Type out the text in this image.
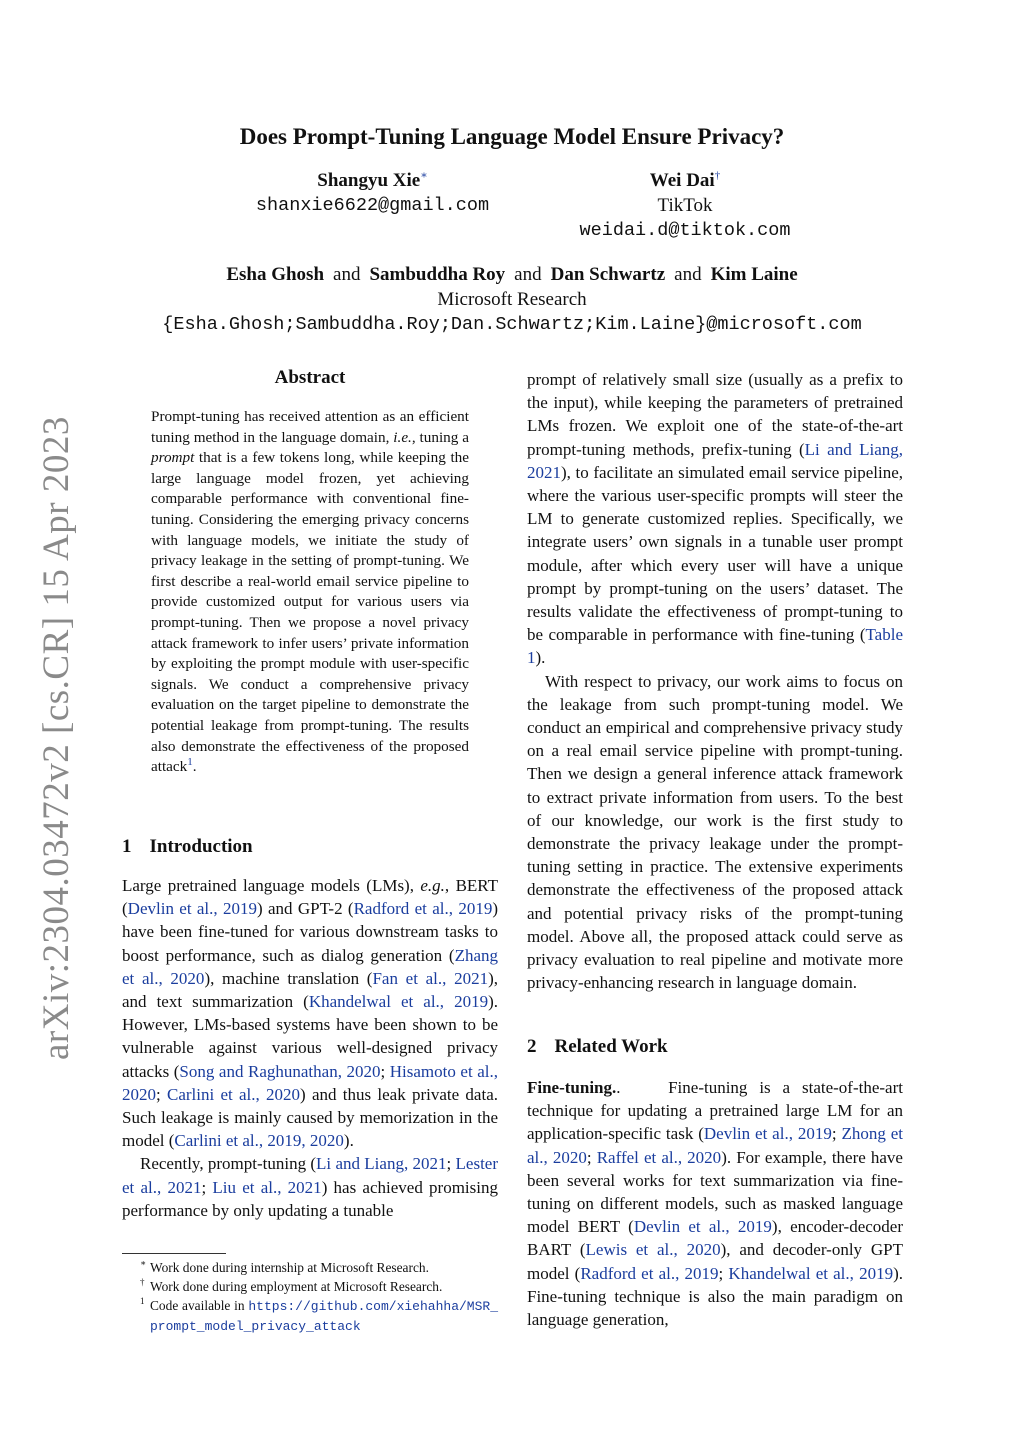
arXiv:2304.03472v2 [cs.CR] 15 Apr 2023
Does Prompt-Tuning Language Model Ensure Privacy?
Shangyu Xie∗
shanxie6622@gmail.com
Wei Dai†
TikTok
weidai.d@tiktok.com
Esha Ghosh and Sambuddha Roy and Dan Schwartz and Kim Laine
Microsoft Research
{Esha.Ghosh;Sambuddha.Roy;Dan.Schwartz;Kim.Laine}@microsoft.com
Abstract
Prompt-tuning has received attention as an efficient tuning method in the language domain, i.e., tuning a prompt that is a few tokens long, while keeping the large language model frozen, yet achieving comparable performance with conventional fine-tuning. Considering the emerging privacy concerns with language models, we initiate the study of privacy leakage in the setting of prompt-tuning. We first describe a real-world email service pipeline to provide customized output for various users via prompt-tuning. Then we propose a novel privacy attack framework to infer users’ private information by exploiting the prompt module with user-specific signals. We conduct a comprehensive privacy evaluation on the target pipeline to demonstrate the potential leakage from prompt-tuning. The results also demonstrate the effectiveness of the proposed attack$^1$.
1 Introduction

Large pretrained language models (LMs), e.g., BERT (Devlin et al., 2019) and GPT-2 (Radford et al., 2019) have been fine-tuned for various downstream tasks to boost performance, such as dialog generation (Zhang et al., 2020), machine translation (Fan et al., 2021), and text summarization (Khandelwal et al., 2019). However, LMs-based systems have been shown to be vulnerable against various well-designed privacy attacks (Song and Raghunathan, 2020; Hisamoto et al., 2020; Carlini et al., 2020) and thus leak private data. Such leakage is mainly caused by memorization in the model (Carlini et al., 2019, 2020).

Recently, prompt-tuning (Li and Liang, 2021; Lester et al., 2021; Liu et al., 2021) has achieved promising performance by only updating a tunable

∗ Work done during internship at Microsoft Research.

† Work done during employment at Microsoft Research.

1 Code available in https://github.com/xiehahha/MSR_prompt_model_privacy_attack

prompt of relatively small size (usually as a prefix to the input), while keeping the parameters of pretrained LMs frozen. We exploit one of the state-of-the-art prompt-tuning methods, prefix-tuning (Li and Liang, 2021), to facilitate an simulated email service pipeline, where the various user-specific prompts will steer the LM to generate customized replies. Specifically, we integrate users’ own signals in a tunable user prompt module, after which every user will have a unique prompt by prompt-tuning on the users’ dataset. The results validate the effectiveness of prompt-tuning to be comparable in performance with fine-tuning (Table 1).

With respect to privacy, our work aims to focus on the leakage from such prompt-tuning model. We conduct an empirical and comprehensive privacy study on a real email service pipeline with prompt-tuning. Then we design a general inference attack framework to extract private information from users. To the best of our knowledge, our work is the first study to demonstrate the privacy leakage under the prompt-tuning setting in practice. The extensive experiments demonstrate the effectiveness of the proposed attack and potential privacy risks of the prompt-tuning model. Above all, the proposed attack could serve as privacy evaluation to real pipeline and motivate more privacy-enhancing research in language domain.

2 Related Work

Fine-tuning..    Fine-tuning is a state-of-the-art technique for updating a pretrained large LM for an application-specific task (Devlin et al., 2019; Zhong et al., 2020; Raffel et al., 2020). For example, there have been several works for text summarization via fine-tuning on different models, such as masked language model BERT (Devlin et al., 2019), encoder-decoder BART (Lewis et al., 2020), and decoder-only GPT model (Radford et al., 2019; Khandelwal et al., 2019). Fine-tuning technique is also the main paradigm on language generation,
